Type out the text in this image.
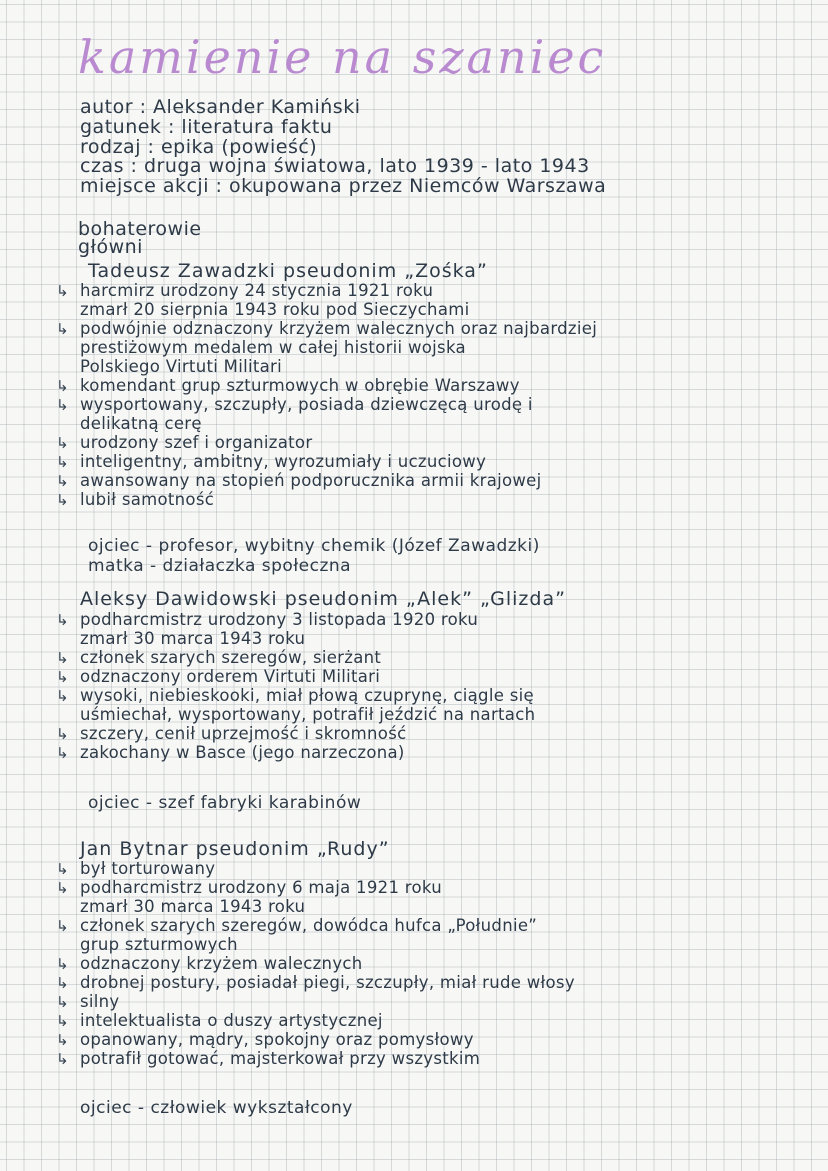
kamienie na szaniec
autor : Aleksander Kamiński
gatunek : literatura faktu
rodzaj : epika (powieść)
czas : druga wojna światowa, lato 1939 - lato 1943
miejsce akcji : okupowana przez Niemców Warszawa
bohaterowie
główni
Tadeusz Zawadzki pseudonim „Zośka”
↳ harcmirz urodzony 24 stycznia 1921 roku
zmarł 20 sierpnia 1943 roku pod Sieczychami
↳ podwójnie odznaczony krzyżem walecznych oraz najbardziej
prestiżowym medalem w całej historii wojska
Polskiego Virtuti Militari
↳ komendant grup szturmowych w obrębie Warszawy
↳ wysportowany, szczupły, posiada dziewczęcą urodę i
delikatną cerę
↳ urodzony szef i organizator
↳ inteligentny, ambitny, wyrozumiały i uczuciowy
↳ awansowany na stopień podporucznika armii krajowej
↳ lubił samotność
ojciec - profesor, wybitny chemik (Józef Zawadzki)
matka - działaczka społeczna
Aleksy Dawidowski pseudonim „Alek” „Glizda”
↳ podharcmistrz urodzony 3 listopada 1920 roku
zmarł 30 marca 1943 roku
↳ członek szarych szeregów, sierżant
↳ odznaczony orderem Virtuti Militari
↳ wysoki, niebieskooki, miał płową czuprynę, ciągle się
uśmiechał, wysportowany, potrafił jeździć na nartach
↳ szczery, cenił uprzejmość i skromność
↳ zakochany w Basce (jego narzeczona)
ojciec - szef fabryki karabinów
Jan Bytnar pseudonim „Rudy”
↳ był torturowany
↳ podharcmistrz urodzony 6 maja 1921 roku
zmarł 30 marca 1943 roku
↳ członek szarych szeregów, dowódca hufca „Południe”
grup szturmowych
↳ odznaczony krzyżem walecznych
↳ drobnej postury, posiadał piegi, szczupły, miał rude włosy
↳ silny
↳ intelektualista o duszy artystycznej
↳ opanowany, mądry, spokojny oraz pomysłowy
↳ potrafił gotować, majsterkował przy wszystkim
ojciec - człowiek wykształcony
